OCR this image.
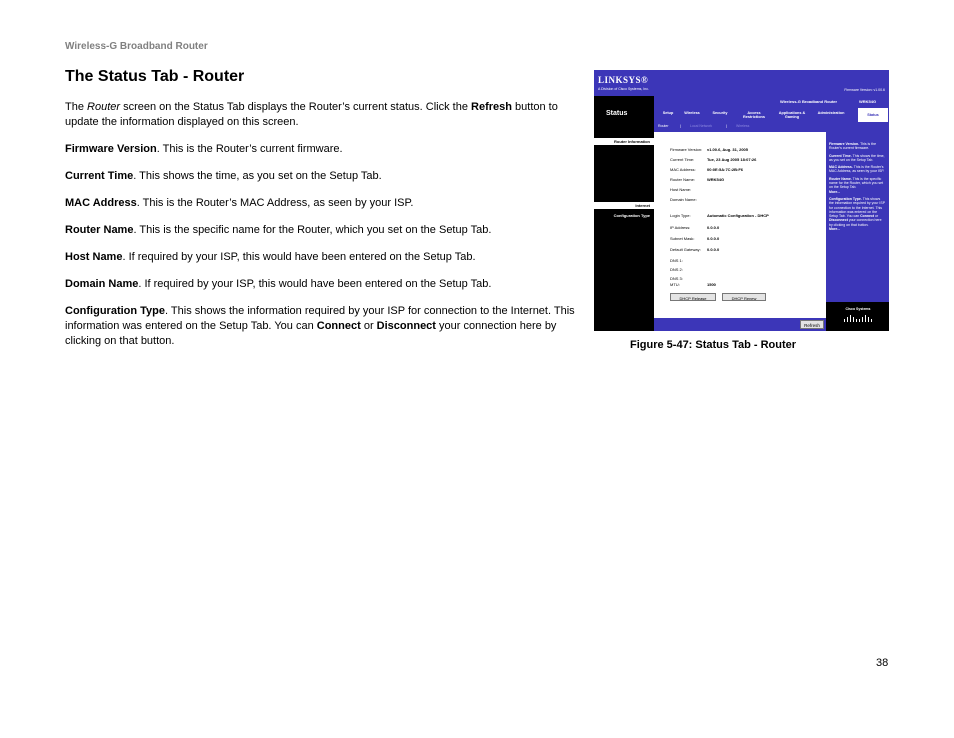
Wireless-G Broadband Router
The Status Tab - Router

The Router screen on the Status Tab displays the Router’s current status. Click the Refresh button to update the information displayed on this screen.

Firmware Version. This is the Router’s current firmware.

Current Time. This shows the time, as you set on the Setup Tab.

MAC Address. This is the Router’s MAC Address, as seen by your ISP.

Router Name. This is the specific name for the Router, which you set on the Setup Tab.

Host Name. If required by your ISP, this would have been entered on the Setup Tab.

Domain Name. If required by your ISP, this would have been entered on the Setup Tab.

Configuration Type. This shows the information required by your ISP for connection to the Internet. This information was entered on the Setup Tab. You can Connect or Disconnect your connection here by clicking on that button.

LINKSYS®
A Division of Cisco Systems, Inc.	Firmware Version: v1.00.6
Status
Wireless-G Broadband Router	WRK54G
Setup	Wireless	Security	Access Restrictions
Applications & Gaming
Administration	Status
Router	|	Local Network	|	Wireless
Router Information
Internet
Configuration Type
Firmware Version: v1.00.6, Aug. 31, 2005
Current Time:	Tue, 23 Aug 2005 18:07:26
MAC Address:	00:0E:5A:7C:2B:F6
Router Name:	WRK54G
Host Name:
Domain Name:
Login Type:	Automatic Configuration - DHCP
IP Address:	0.0.0.0
Subnet Mask:	0.0.0.0
Default Gateway: 0.0.0.0
DNS 1:
DNS 2:
DNS 3:
DHCP Release	DHCP Renew
MTU:	1500
Refresh

Firmware Version. This is the Router's current firmware.

Current Time. This shows the time, as you set on the Setup Tab.

MAC Address. This is the Router's MAC Address, as seen by your ISP.

Router Name. This is the specific name for the Router, which you set on the Setup Tab.
More...

Configuration Type. This shows the information required by your ISP for connection to the Internet. This information was entered on the Setup Tab. You can Connect or Disconnect your connection here by clicking on that button.
More...

Cisco Systems
Figure 5-47: Status Tab - Router
38
